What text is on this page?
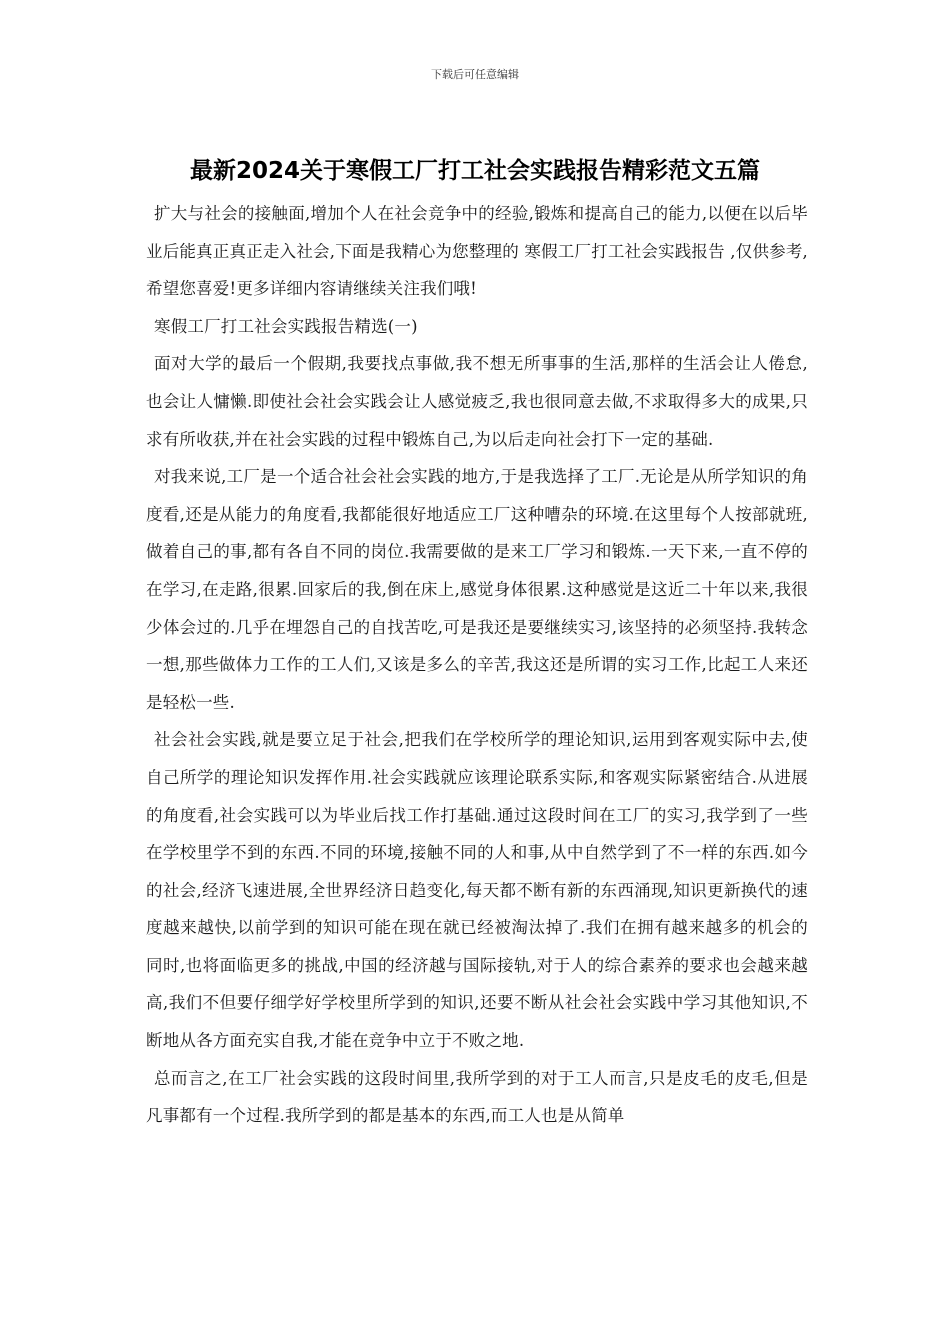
下载后可任意编辑
最新2024关于寒假工厂打工社会实践报告精彩范文五篇

扩大与社会的接触面,增加个人在社会竞争中的经验,锻炼和提高自己的能力,以便在以后毕业后能真正真正走入社会,下面是我精心为您整理的 寒假工厂打工社会实践报告 ,仅供参考,希望您喜爱!更多详细内容请继续关注我们哦!

寒假工厂打工社会实践报告精选(一)

面对大学的最后一个假期,我要找点事做,我不想无所事事的生活,那样的生活会让人倦怠,也会让人慵懒.即使社会社会实践会让人感觉疲乏,我也很同意去做,不求取得多大的成果,只求有所收获,并在社会实践的过程中锻炼自己,为以后走向社会打下一定的基础.

对我来说,工厂是一个适合社会社会实践的地方,于是我选择了工厂.无论是从所学知识的角度看,还是从能力的角度看,我都能很好地适应工厂这种嘈杂的环境.在这里每个人按部就班,做着自己的事,都有各自不同的岗位.我需要做的是来工厂学习和锻炼.一天下来,一直不停的在学习,在走路,很累.回家后的我,倒在床上,感觉身体很累.这种感觉是这近二十年以来,我很少体会过的.几乎在埋怨自己的自找苦吃,可是我还是要继续实习,该坚持的必须坚持.我转念一想,那些做体力工作的工人们,又该是多么的辛苦,我这还是所谓的实习工作,比起工人来还是轻松一些.

社会社会实践,就是要立足于社会,把我们在学校所学的理论知识,运用到客观实际中去,使自己所学的理论知识发挥作用.社会实践就应该理论联系实际,和客观实际紧密结合.从进展的角度看,社会实践可以为毕业后找工作打基础.通过这段时间在工厂的实习,我学到了一些在学校里学不到的东西.不同的环境,接触不同的人和事,从中自然学到了不一样的东西.如今的社会,经济飞速进展,全世界经济日趋变化,每天都不断有新的东西涌现,知识更新换代的速度越来越快,以前学到的知识可能在现在就已经被淘汰掉了.我们在拥有越来越多的机会的同时,也将面临更多的挑战,中国的经济越与国际接轨,对于人的综合素养的要求也会越来越高,我们不但要仔细学好学校里所学到的知识,还要不断从社会社会实践中学习其他知识,不断地从各方面充实自我,才能在竞争中立于不败之地.

总而言之,在工厂社会实践的这段时间里,我所学到的对于工人而言,只是皮毛的皮毛,但是凡事都有一个过程.我所学到的都是基本的东西,而工人也是从简单
